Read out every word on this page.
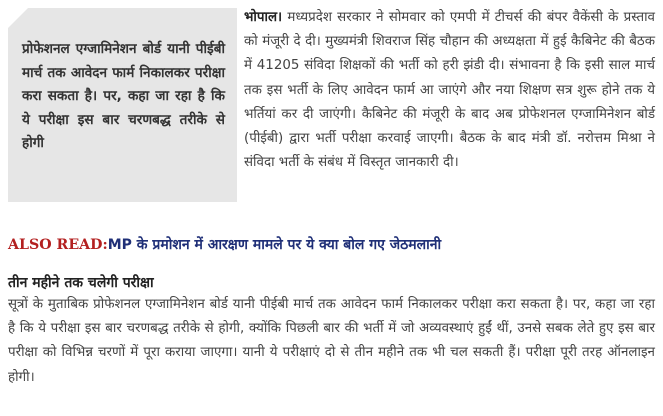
भोपाल। मध्यप्रदेश सरकार ने सोमवार को एमपी में टीचर्स की बंपर वैकेंसी के प्रस्ताव को मंजूरी दे दी। मुख्यमंत्री शिवराज सिंह चौहान की अध्यक्षता में हुई कैबिनेट की बैठक में 41205 संविदा शिक्षकों की भर्ती को हरी झंडी दी। संभावना है कि इसी साल मार्च तक इस भर्ती के लिए आवेदन फार्म आ जाएंगे और नया शिक्षण सत्र शुरू होने तक ये भर्तियां कर दी जाएंगी। कैबिनेट की मंजूरी के बाद अब प्रोफेशनल एग्जामिनेशन बोर्ड (पीईबी) द्वारा भर्ती परीक्षा करवाई जाएगी। बैठक के बाद मंत्री डॉ. नरोत्तम मिश्रा ने संविदा भर्ती के संबंध में विस्तृत जानकारी दी।

प्रोफेशनल एग्जामिनेशन बोर्ड यानी पीईबी मार्च तक आवेदन फार्म निकालकर परीक्षा करा सकता है। पर, कहा जा रहा है कि ये परीक्षा इस बार चरणबद्ध तरीके से होगी

ALSO READ:MP के प्रमोशन में आरक्षण मामले पर ये क्या बोल गए जेठमलानी

तीन महीने तक चलेगी परीक्षा

सूत्रों के मुताबिक प्रोफेशनल एग्जामिनेशन बोर्ड यानी पीईबी मार्च तक आवेदन फार्म निकालकर परीक्षा करा सकता है। पर, कहा जा रहा है कि ये परीक्षा इस बार चरणबद्ध तरीके से होगी, क्योंकि पिछली बार की भर्ती में जो अव्यवस्थाएं हुईं थीं, उनसे सबक लेते हुए इस बार परीक्षा को विभिन्न चरणों में पूरा कराया जाएगा। यानी ये परीक्षाएं दो से तीन महीने तक भी चल सकती हैं। परीक्षा पूरी तरह ऑनलाइन होगी।
